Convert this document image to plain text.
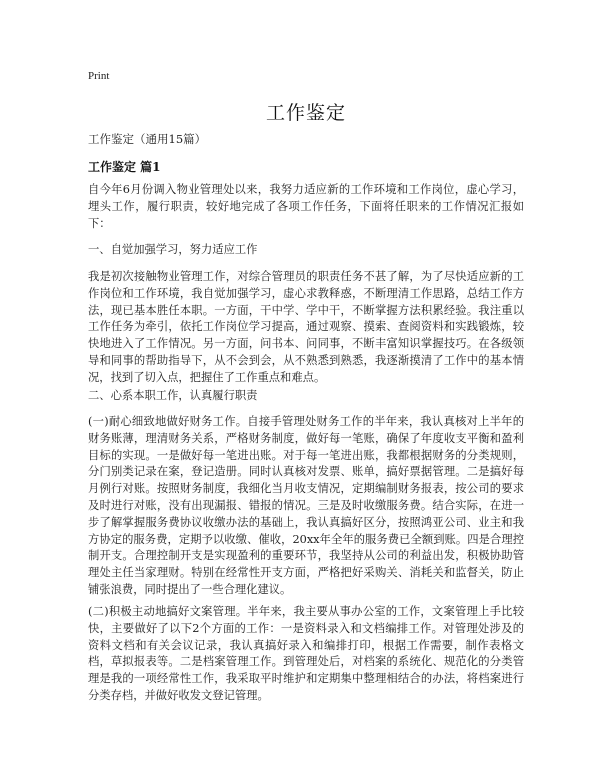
Print
工作鉴定
工作鉴定（通用15篇）
工作鉴定 篇1

自今年6月份调入物业管理处以来，我努力适应新的工作环境和工作岗位，虚心学习，埋头工作，履行职责，较好地完成了各项工作任务，下面将任职来的工作情况汇报如下：

一、自觉加强学习，努力适应工作

我是初次接触物业管理工作，对综合管理员的职责任务不甚了解，为了尽快适应新的工作岗位和工作环境，我自觉加强学习，虚心求教释惑，不断理清工作思路，总结工作方法，现已基本胜任本职。一方面，干中学、学中干，不断掌握方法积累经验。我注重以工作任务为牵引，依托工作岗位学习提高，通过观察、摸索、查阅资料和实践锻炼，较快地进入了工作情况。另一方面，问书本、问同事，不断丰富知识掌握技巧。在各级领导和同事的帮助指导下，从不会到会，从不熟悉到熟悉，我逐渐摸清了工作中的基本情况，找到了切入点，把握住了工作重点和难点。

二、心系本职工作，认真履行职责

(一)耐心细致地做好财务工作。自接手管理处财务工作的半年来，我认真核对上半年的财务账薄，理清财务关系，严格财务制度，做好每一笔账，确保了年度收支平衡和盈利目标的实现。一是做好每一笔进出账。对于每一笔进出账，我都根据财务的分类规则，分门别类记录在案，登记造册。同时认真核对发票、账单，搞好票据管理。二是搞好每月例行对账。按照财务制度，我细化当月收支情况，定期编制财务报表，按公司的要求及时进行对账，没有出现漏报、错报的情况。三是及时收缴服务费。结合实际，在进一步了解掌握服务费协议收缴办法的基础上，我认真搞好区分，按照鸿亚公司、业主和我方协定的服务费，定期予以收缴、催收，20xx年全年的服务费已全额到账。四是合理控制开支。合理控制开支是实现盈利的重要环节，我坚持从公司的利益出发，积极协助管理处主任当家理财。特别在经常性开支方面，严格把好采购关、消耗关和监督关，防止铺张浪费，同时提出了一些合理化建议。

(二)积极主动地搞好文案管理。半年来，我主要从事办公室的工作，文案管理上手比较快，主要做好了以下2个方面的工作：一是资料录入和文档编排工作。对管理处涉及的资料文档和有关会议记录，我认真搞好录入和编排打印，根据工作需要，制作表格文档，草拟报表等。二是档案管理工作。到管理处后，对档案的系统化、规范化的分类管理是我的一项经常性工作，我采取平时维护和定期集中整理相结合的办法，将档案进行分类存档，并做好收发文登记管理。
